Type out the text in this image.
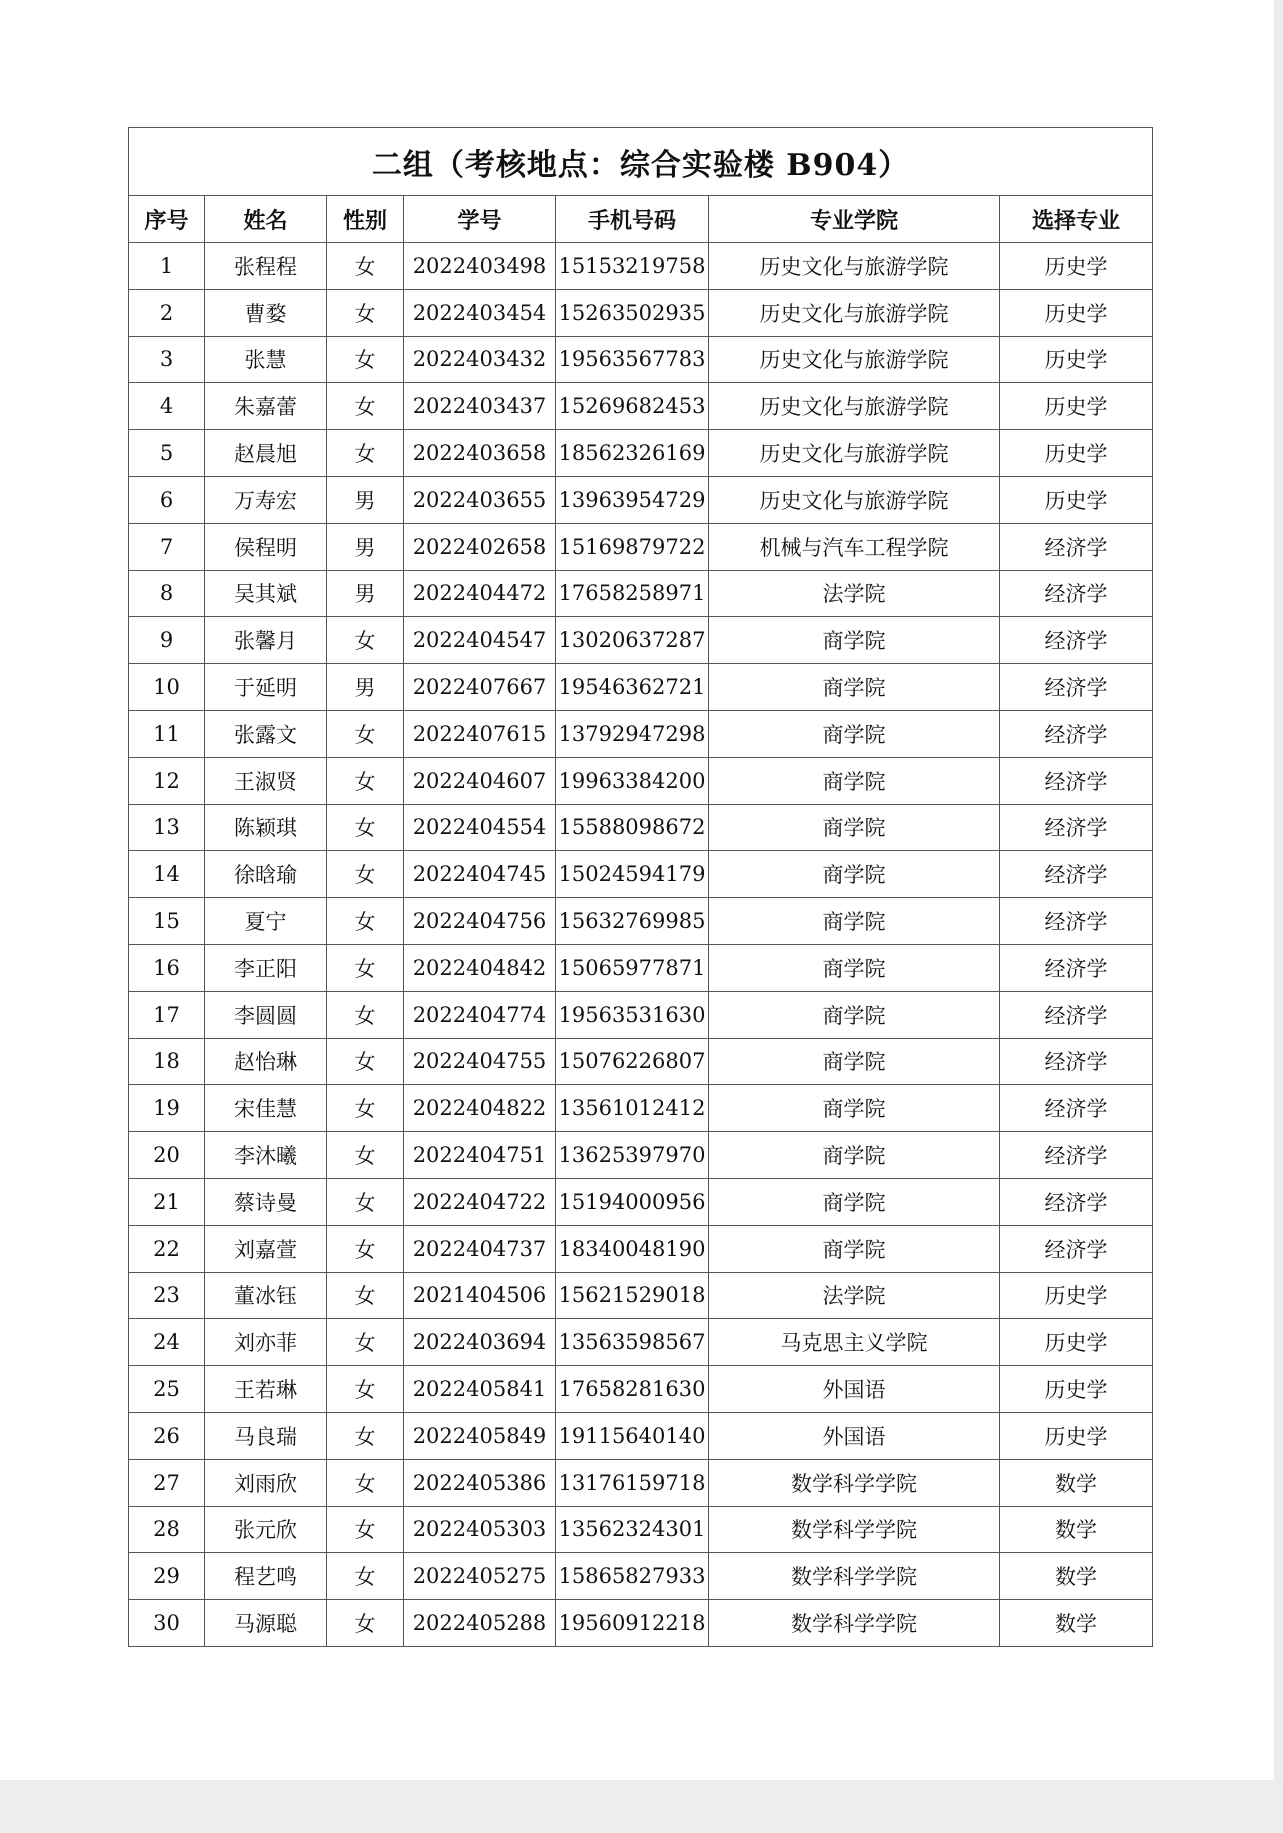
二组（考核地点：综合实验楼 B904）						
序号	姓名	性别	学号	手机号码	专业学院	选择专业
1	张程程	女	2022403498	15153219758	历史文化与旅游学院	历史学
2	曹婺	女	2022403454	15263502935	历史文化与旅游学院	历史学
3	张慧	女	2022403432	19563567783	历史文化与旅游学院	历史学
4	朱嘉蕾	女	2022403437	15269682453	历史文化与旅游学院	历史学
5	赵晨旭	女	2022403658	18562326169	历史文化与旅游学院	历史学
6	万寿宏	男	2022403655	13963954729	历史文化与旅游学院	历史学
7	侯程明	男	2022402658	15169879722	机械与汽车工程学院	经济学
8	吴其斌	男	2022404472	17658258971	法学院	经济学
9	张馨月	女	2022404547	13020637287	商学院	经济学
10	于延明	男	2022407667	19546362721	商学院	经济学
11	张露文	女	2022407615	13792947298	商学院	经济学
12	王淑贤	女	2022404607	19963384200	商学院	经济学
13	陈颖琪	女	2022404554	15588098672	商学院	经济学
14	徐晗瑜	女	2022404745	15024594179	商学院	经济学
15	夏宁	女	2022404756	15632769985	商学院	经济学
16	李正阳	女	2022404842	15065977871	商学院	经济学
17	李圆圆	女	2022404774	19563531630	商学院	经济学
18	赵怡琳	女	2022404755	15076226807	商学院	经济学
19	宋佳慧	女	2022404822	13561012412	商学院	经济学
20	李沐曦	女	2022404751	13625397970	商学院	经济学
21	蔡诗曼	女	2022404722	15194000956	商学院	经济学
22	刘嘉萱	女	2022404737	18340048190	商学院	经济学
23	董冰钰	女	2021404506	15621529018	法学院	历史学
24	刘亦菲	女	2022403694	13563598567	马克思主义学院	历史学
25	王若琳	女	2022405841	17658281630	外国语	历史学
26	马良瑞	女	2022405849	19115640140	外国语	历史学
27	刘雨欣	女	2022405386	13176159718	数学科学学院	数学
28	张元欣	女	2022405303	13562324301	数学科学学院	数学
29	程艺鸣	女	2022405275	15865827933	数学科学学院	数学
30	马源聪	女	2022405288	19560912218	数学科学学院	数学
